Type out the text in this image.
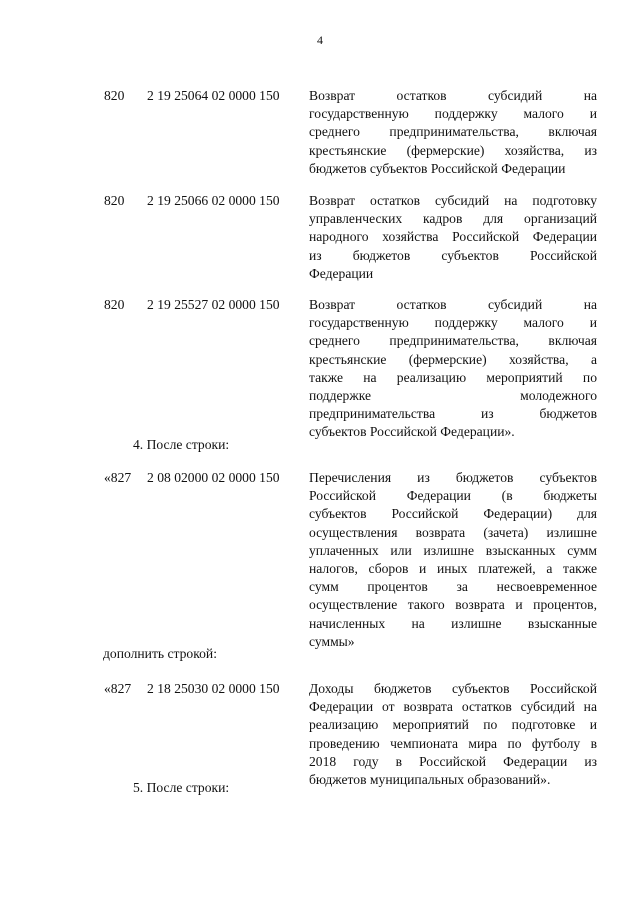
4
820 2 19 25064 02 0000 150 Возврат остатков субсидий на
государственную поддержку малого и
среднего предпринимательства, включая
крестьянские (фермерские) хозяйства, из
бюджетов субъектов Российской Федерации
820 2 19 25066 02 0000 150 Возврат остатков субсидий на подготовку
управленческих кадров для организаций
народного хозяйства Российской Федерации
из бюджетов субъектов Российской
Федерации
820 2 19 25527 02 0000 150 Возврат остатков субсидий на
государственную поддержку малого и
среднего предпринимательства, включая
крестьянские (фермерские) хозяйства, а
также на реализацию мероприятий по
поддержке молодежного
предпринимательства из бюджетов
субъектов Российской Федерации».
4. После строки:
«827 2 08 02000 02 0000 150 Перечисления из бюджетов субъектов
Российской Федерации (в бюджеты
субъектов Российской Федерации) для
осуществления возврата (зачета) излишне
уплаченных или излишне взысканных сумм
налогов, сборов и иных платежей, а также
сумм процентов за несвоевременное
осуществление такого возврата и процентов,
начисленных на излишне взысканные
суммы»
дополнить строкой:
«827 2 18 25030 02 0000 150 Доходы бюджетов субъектов Российской
Федерации от возврата остатков субсидий на
реализацию мероприятий по подготовке и
проведению чемпионата мира по футболу в
2018 году в Российской Федерации из
бюджетов муниципальных образований».
5. После строки:
